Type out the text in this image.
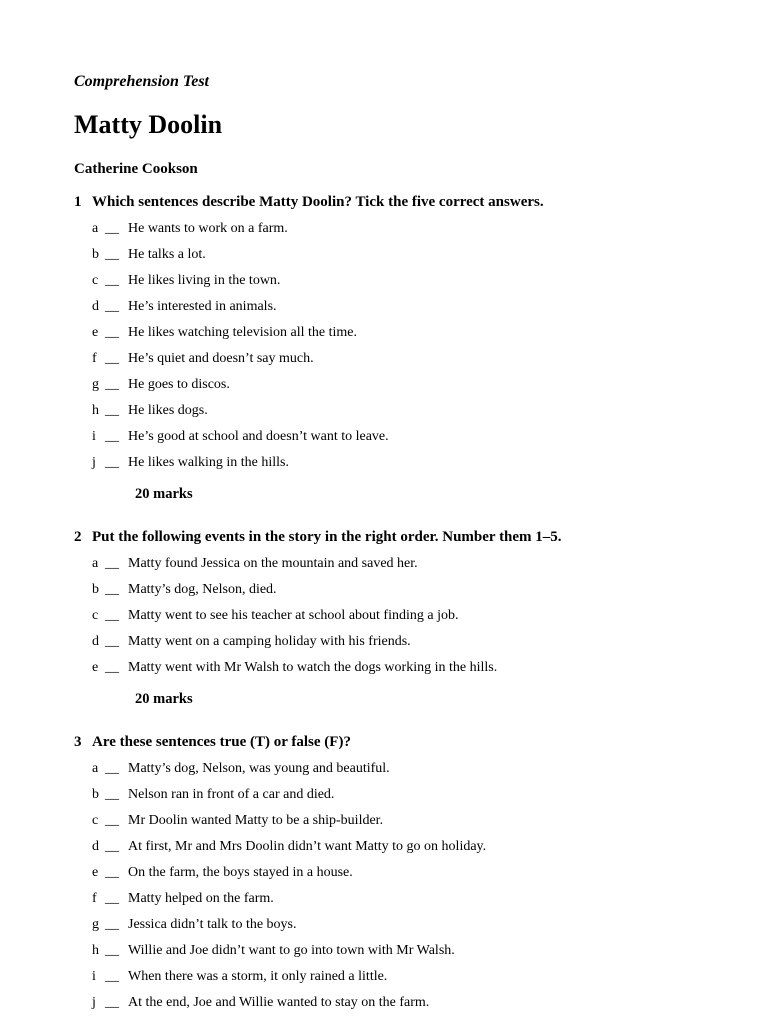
Comprehension Test
Matty Doolin
Catherine Cookson
1 Which sentences describe Matty Doolin? Tick the five correct answers.
a __ He wants to work on a farm.
b __ He talks a lot.
c __ He likes living in the town.
d __ He’s interested in animals.
e __ He likes watching television all the time.
f __ He’s quiet and doesn’t say much.
g __ He goes to discos.
h __ He likes dogs.
i __ He’s good at school and doesn’t want to leave.
j __ He likes walking in the hills.
20 marks
2 Put the following events in the story in the right order. Number them 1–5.
a __ Matty found Jessica on the mountain and saved her.
b __ Matty’s dog, Nelson, died.
c __ Matty went to see his teacher at school about finding a job.
d __ Matty went on a camping holiday with his friends.
e __ Matty went with Mr Walsh to watch the dogs working in the hills.
20 marks
3 Are these sentences true (T) or false (F)?
a __ Matty’s dog, Nelson, was young and beautiful.
b __ Nelson ran in front of a car and died.
c __ Mr Doolin wanted Matty to be a ship-builder.
d __ At first, Mr and Mrs Doolin didn’t want Matty to go on holiday.
e __ On the farm, the boys stayed in a house.
f __ Matty helped on the farm.
g __ Jessica didn’t talk to the boys.
h __ Willie and Joe didn’t want to go into town with Mr Walsh.
i __ When there was a storm, it only rained a little.
j __ At the end, Joe and Willie wanted to stay on the farm.
